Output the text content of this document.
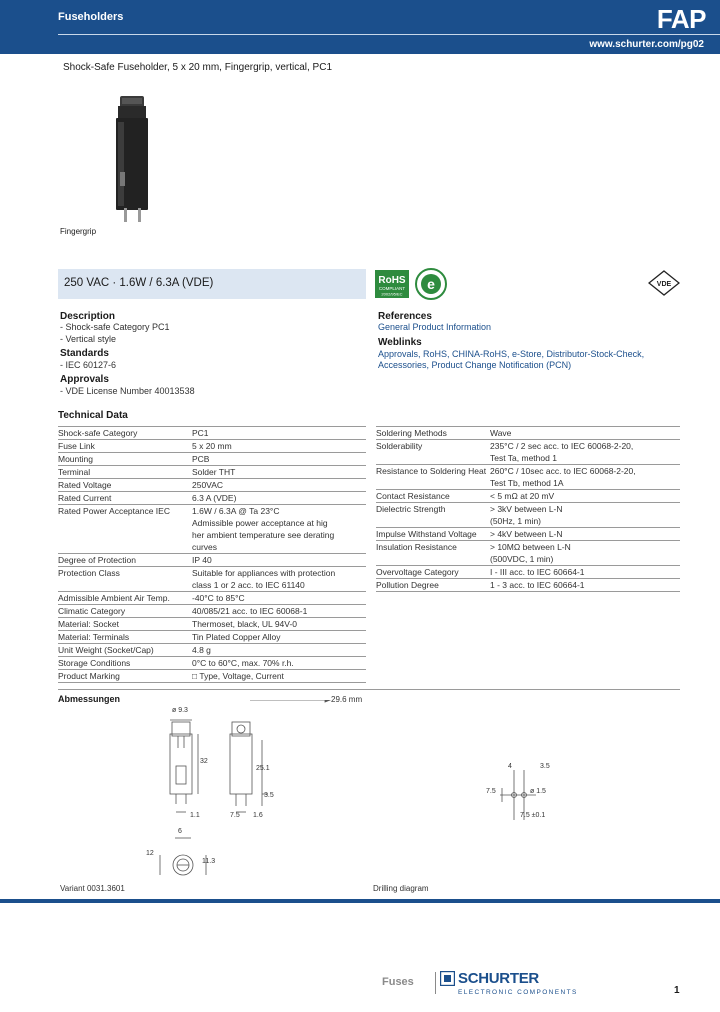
Fuseholders	FAP
www.schurter.com/pg02
Shock-Safe Fuseholder, 5 x 20 mm, Fingergrip, vertical, PC1
Fingergrip
250 VAC · 1.6W / 6.3A (VDE)	RoHS
COMPLIANT
2002/95/EC
e	VDE
Description
- Shock-safe Category PC1
- Vertical style
Standards
- IEC 60127-6
Approvals
- VDE License Number 40013538
References
General Product Information
Weblinks
Approvals, RoHS, CHINA-RoHS, e-Store, Distributor-Stock-Check,
Accessories, Product Change Notification (PCN)
Technical Data
Shock-safe Category	PC1
Fuse Link	5 x 20 mm
Mounting	PCB
Terminal	Solder THT
Rated Voltage	250VAC
Rated Current	6.3 A (VDE)
Rated Power Acceptance IEC	1.6W / 6.3A @ Ta 23°C
Admissible power acceptance at hig
her ambient temperature see derating
curves
Degree of Protection	IP 40
Protection Class	Suitable for appliances with protection
class 1 or 2 acc. to IEC 61140
Admissible Ambient Air Temp.	-40°C to 85°C
Climatic Category	40/085/21 acc. to IEC 60068-1
Material: Socket	Thermoset, black, UL 94V-0
Material: Terminals	Tin Plated Copper Alloy
Unit Weight (Socket/Cap)	4.8 g
Storage Conditions	0°C to 60°C, max. 70% r.h.
Product Marking	□ Type, Voltage, Current
Soldering Methods	Wave
Solderability	235°C / 2 sec acc. to IEC 60068-2-20,
Test Ta, method 1
Resistance to Soldering Heat 260°C / 10sec acc. to IEC 60068-2-20,
Test Tb, method 1A
Contact Resistance	< 5 mΩ at 20 mV
Dielectric Strength	> 3kV between L-N
(50Hz, 1 min)
Impulse Withstand Voltage	> 4kV between L-N
Insulation Resistance	> 10MΩ between L-N
(500VDC, 1 min)
Overvoltage Category	I - III acc. to IEC 60664-1
Pollution Degree	1 - 3 acc. to IEC 60664-1
Abmessungen	29.6 mm
ø 9.3
32
25.1
3.5
1.1	7.5 1.6
6
12
11.3
Variant 0031.3601
4	3.5
7.5
7.5 ±0.1
ø 1.5
Drilling diagram
Fuses	SCHURTER
ELECTRONIC COMPONENTS	1
